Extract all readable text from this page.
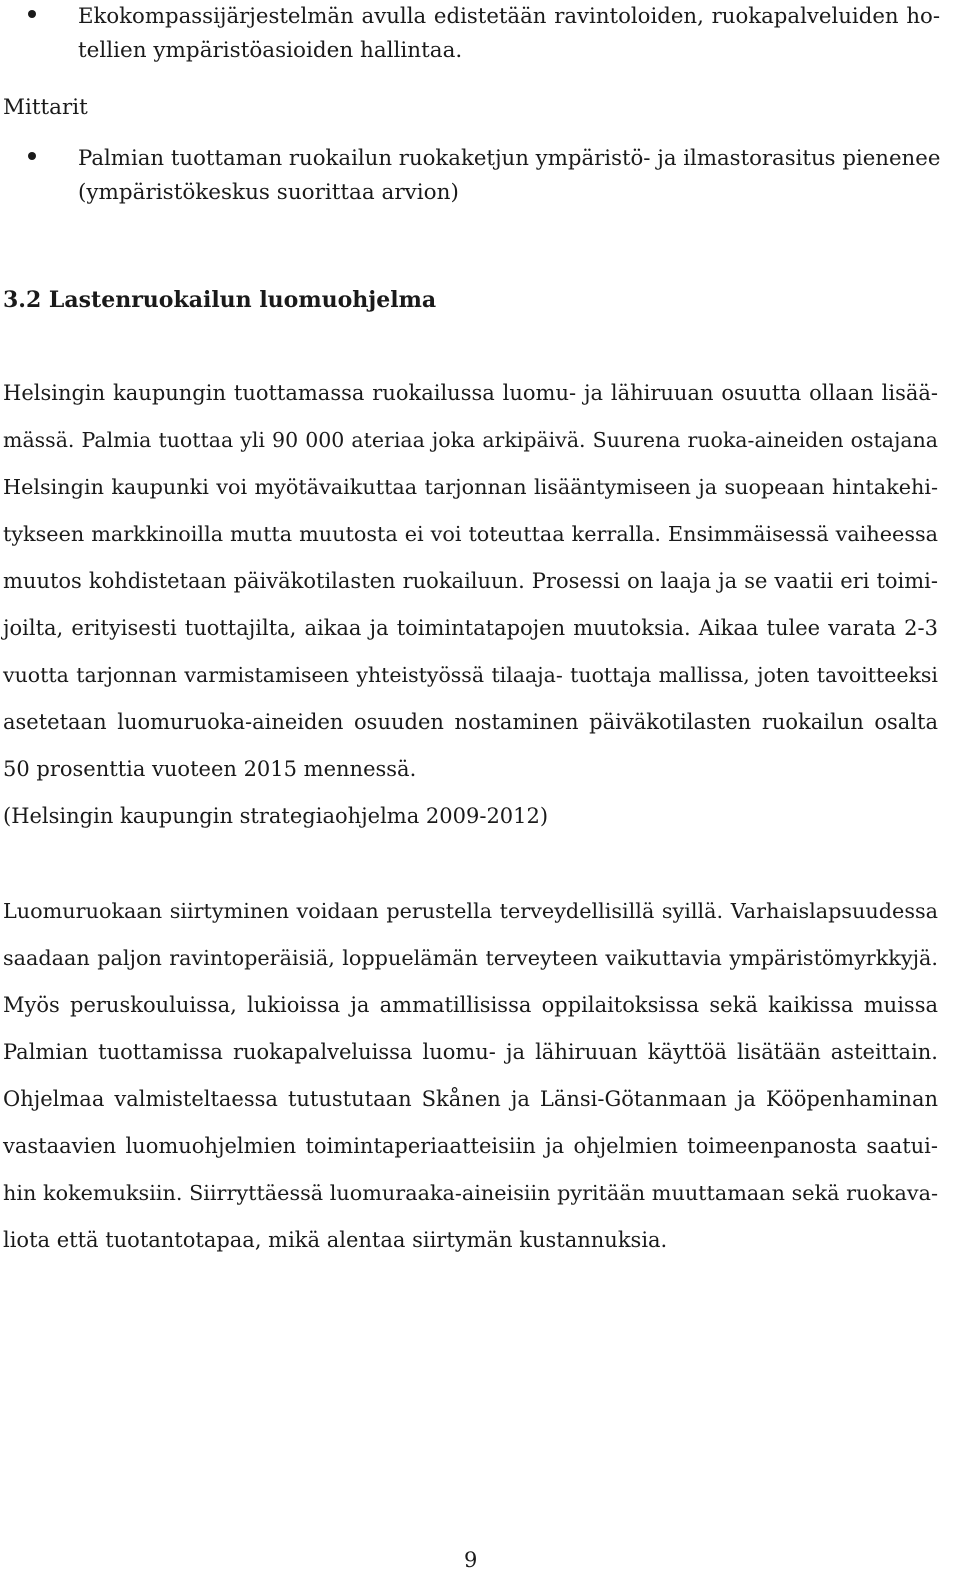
Ekokompassijärjestelmän avulla edistetään ravintoloiden, ruokapalveluiden ho-
tellien ympäristöasioiden hallintaa.

Mittarit

Palmian tuottaman ruokailun ruokaketjun ympäristö- ja ilmastorasitus pienenee
(ympäristökeskus suorittaa arvion)

3.2 Lastenruokailun luomuohjelma

Helsingin kaupungin tuottamassa ruokailussa luomu- ja lähiruuan osuutta ollaan lisää-
mässä. Palmia tuottaa yli 90 000 ateriaa joka arkipäivä. Suurena ruoka-aineiden ostajana
Helsingin kaupunki voi myötävaikuttaa tarjonnan lisääntymiseen ja suopeaan hintakehi-
tykseen markkinoilla mutta muutosta ei voi toteuttaa kerralla. Ensimmäisessä vaiheessa
muutos kohdistetaan päiväkotilasten ruokailuun. Prosessi on laaja ja se vaatii eri toimi-
joilta, erityisesti tuottajilta, aikaa ja toimintatapojen muutoksia. Aikaa tulee varata 2-3
vuotta tarjonnan varmistamiseen yhteistyössä tilaaja- tuottaja mallissa, joten tavoitteeksi
asetetaan luomuruoka-aineiden osuuden nostaminen päiväkotilasten ruokailun osalta
50 prosenttia vuoteen 2015 mennessä.
(Helsingin kaupungin strategiaohjelma 2009-2012)

Luomuruokaan siirtyminen voidaan perustella terveydellisillä syillä. Varhaislapsuudessa
saadaan paljon ravintoperäisiä, loppuelämän terveyteen vaikuttavia ympäristömyrkkyjä.
Myös peruskouluissa, lukioissa ja ammatillisissa oppilaitoksissa sekä kaikissa muissa
Palmian tuottamissa ruokapalveluissa luomu- ja lähiruuan käyttöä lisätään asteittain.
Ohjelmaa valmisteltaessa tutustutaan Skånen ja Länsi-Götanmaan ja Kööpenhaminan
vastaavien luomuohjelmien toimintaperiaatteisiin ja ohjelmien toimeenpanosta saatui-
hin kokemuksiin. Siirryttäessä luomuraaka-aineisiin pyritään muuttamaan sekä ruokava-
liota että tuotantotapaa, mikä alentaa siirtymän kustannuksia.

9
